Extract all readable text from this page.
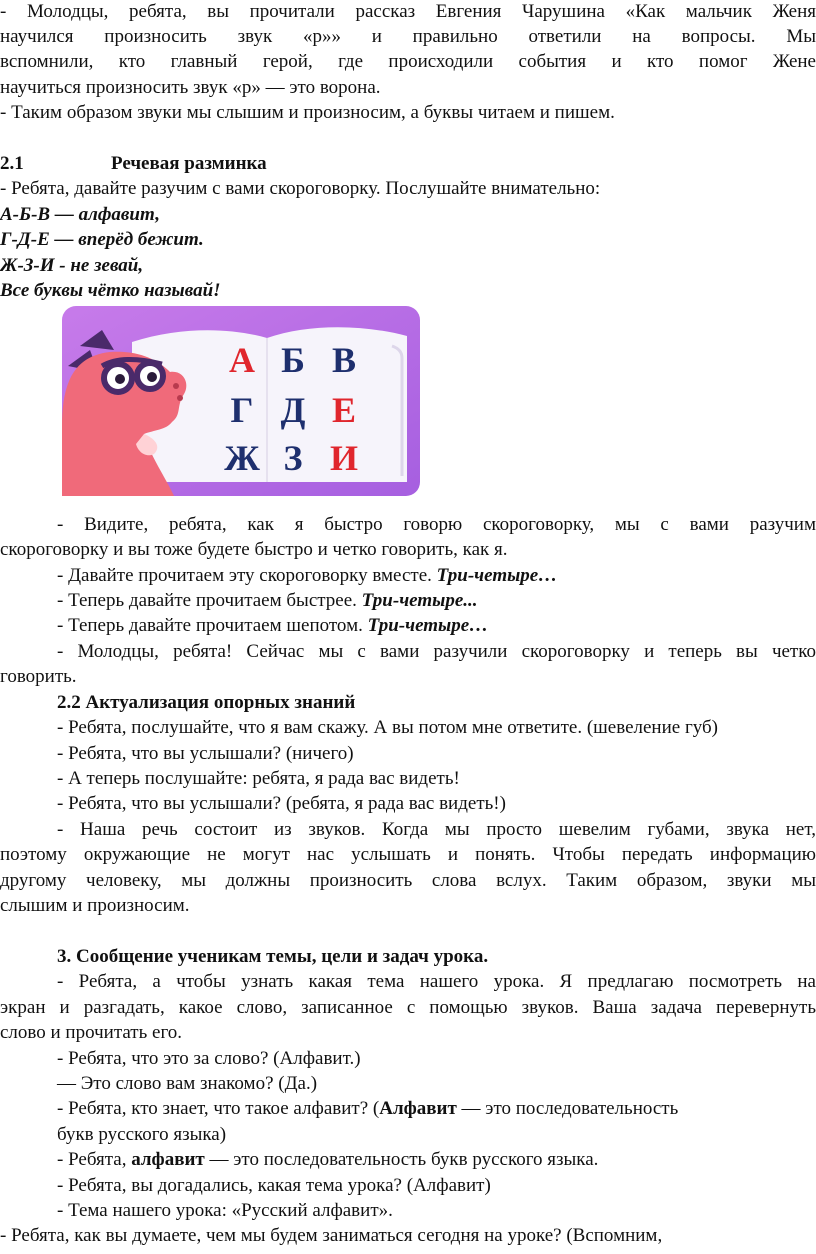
- Молодцы, ребята, вы прочитали рассказ Евгения Чарушина «Как мальчик Женя
научился произносить звук «р»» и правильно ответили на вопросы. Мы
вспомнили, кто главный герой, где происходили события и кто помог Жене
научиться произносить звук «р» — это ворона.
- Таким образом звуки мы слышим и произносим, а буквы читаем и пишем.
2.1	Речевая разминка
- Ребята, давайте разучим с вами скороговорку. Послушайте внимательно:
А-Б-В — алфавит,
Г-Д-Е — вперёд бежит.
Ж-З-И - не зевай,
Все буквы чётко называй!
А Б В
Г Д Е
Ж З И
- Видите, ребята, как я быстро говорю скороговорку, мы с вами разучим
скороговорку и вы тоже будете быстро и четко говорить, как я.
- Давайте прочитаем эту скороговорку вместе. Три-четыре…
- Теперь давайте прочитаем быстрее. Три-четыре...
- Теперь давайте прочитаем шепотом. Три-четыре…
- Молодцы, ребята! Сейчас мы с вами разучили скороговорку и теперь вы четко
говорить.
2.2 Актуализация опорных знаний
- Ребята, послушайте, что я вам скажу. А вы потом мне ответите. (шевеление губ)
- Ребята, что вы услышали? (ничего)
- А теперь послушайте: ребята, я рада вас видеть!
- Ребята, что вы услышали? (ребята, я рада вас видеть!)
- Наша речь состоит из звуков. Когда мы просто шевелим губами, звука нет,
поэтому окружающие не могут нас услышать и понять. Чтобы передать информацию
другому человеку, мы должны произносить слова вслух. Таким образом, звуки мы
слышим и произносим.
3. Сообщение ученикам темы, цели и задач урока.
- Ребята, а чтобы узнать какая тема нашего урока. Я предлагаю посмотреть на
экран и разгадать, какое слово, записанное с помощью звуков. Ваша задача перевернуть
слово и прочитать его.
- Ребята, что это за слово? (Алфавит.)
— Это слово вам знакомо? (Да.)
- Ребята, кто знает, что такое алфавит? (Алфавит — это последовательность
букв русского языка)
- Ребята, алфавит — это последовательность букв русского языка.
- Ребята, вы догадались, какая тема урока? (Алфавит)
- Тема нашего урока: «Русский алфавит».
- Ребята, как вы думаете, чем мы будем заниматься сегодня на уроке? (Вспомним,
